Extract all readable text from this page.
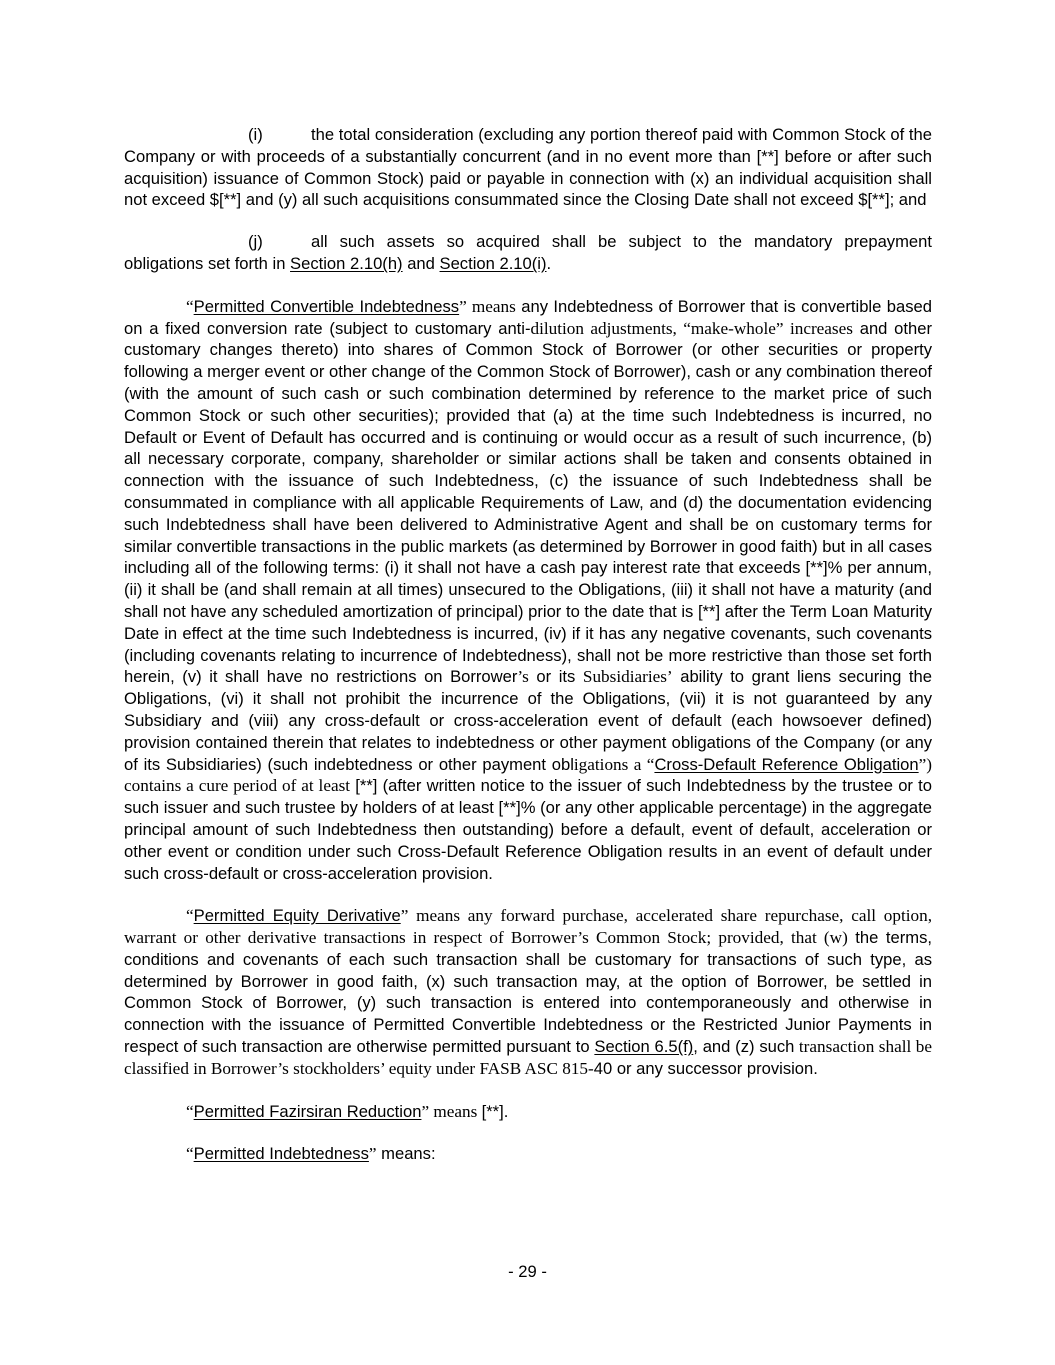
(i)	the total consideration (excluding any portion thereof paid with Common Stock of the Company or with proceeds of a substantially concurrent (and in no event more than [**] before or after such acquisition) issuance of Common Stock) paid or payable in connection with (x) an individual acquisition shall not exceed $[**] and (y) all such acquisitions consummated since the Closing Date shall not exceed $[**]; and

(j)	all such assets so acquired shall be subject to the mandatory prepayment obligations set forth in Section 2.10(h) and Section 2.10(i).

“Permitted Convertible Indebtedness” means any Indebtedness of Borrower that is convertible based on a fixed conversion rate (subject to customary anti-dilution adjustments, “make-whole” increases and other customary changes thereto) into shares of Common Stock of Borrower (or other securities or property following a merger event or other change of the Common Stock of Borrower), cash or any combination thereof (with the amount of such cash or such combination determined by reference to the market price of such Common Stock or such other securities); provided that (a) at the time such Indebtedness is incurred, no Default or Event of Default has occurred and is continuing or would occur as a result of such incurrence, (b) all necessary corporate, company, shareholder or similar actions shall be taken and consents obtained in connection with the issuance of such Indebtedness, (c) the issuance of such Indebtedness shall be consummated in compliance with all applicable Requirements of Law, and (d) the documentation evidencing such Indebtedness shall have been delivered to Administrative Agent and shall be on customary terms for similar convertible transactions in the public markets (as determined by Borrower in good faith) but in all cases including all of the following terms: (i) it shall not have a cash pay interest rate that exceeds [**]% per annum, (ii) it shall be (and shall remain at all times) unsecured to the Obligations, (iii) it shall not have a maturity (and shall not have any scheduled amortization of principal) prior to the date that is [**] after the Term Loan Maturity Date in effect at the time such Indebtedness is incurred, (iv) if it has any negative covenants, such covenants (including covenants relating to incurrence of Indebtedness), shall not be more restrictive than those set forth herein, (v) it shall have no restrictions on Borrower’s or its Subsidiaries’ ability to grant liens securing the Obligations, (vi) it shall not prohibit the incurrence of the Obligations, (vii) it is not guaranteed by any Subsidiary and (viii) any cross-default or cross-acceleration event of default (each howsoever defined) provision contained therein that relates to indebtedness or other payment obligations of the Company (or any of its Subsidiaries) (such indebtedness or other payment obligations a “Cross-Default Reference Obligation”) contains a cure period of at least [**] (after written notice to the issuer of such Indebtedness by the trustee or to such issuer and such trustee by holders of at least [**]% (or any other applicable percentage) in the aggregate principal amount of such Indebtedness then outstanding) before a default, event of default, acceleration or other event or condition under such Cross-Default Reference Obligation results in an event of default under such cross-default or cross-acceleration provision.

“Permitted Equity Derivative” means any forward purchase, accelerated share repurchase, call option, warrant or other derivative transactions in respect of Borrower’s Common Stock; provided, that (w) the terms, conditions and covenants of each such transaction shall be customary for transactions of such type, as determined by Borrower in good faith, (x) such transaction may, at the option of Borrower, be settled in Common Stock of Borrower, (y) such transaction is entered into contemporaneously and otherwise in connection with the issuance of Permitted Convertible Indebtedness or the Restricted Junior Payments in respect of such transaction are otherwise permitted pursuant to Section 6.5(f), and (z) such transaction shall be classified in Borrower’s stockholders’ equity under FASB ASC 815-40 or any successor provision.

“Permitted Fazirsiran Reduction” means [**].

“Permitted Indebtedness” means:

- 29 -
